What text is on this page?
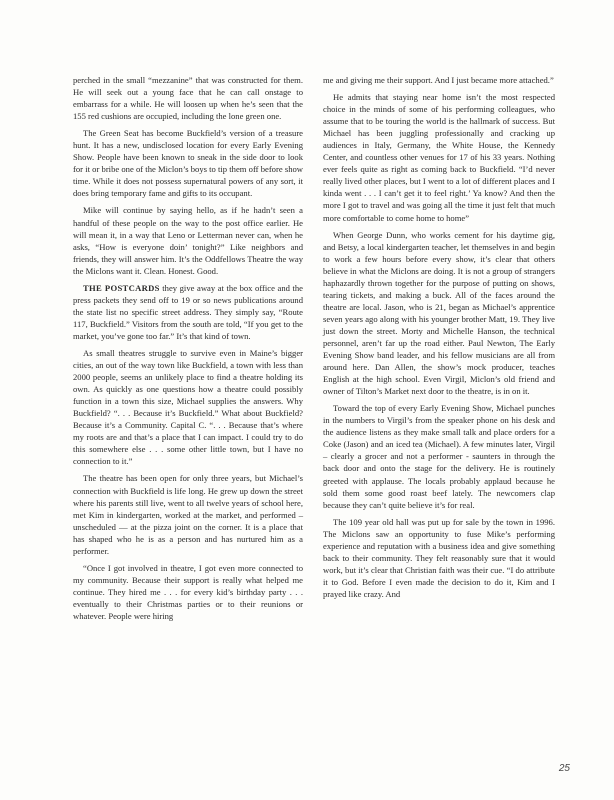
perched in the small “mezzanine” that was constructed for them. He will seek out a young face that he can call onstage to embarrass for a while. He will loosen up when he’s seen that the 155 red cushions are occupied, including the lone green one.

The Green Seat has become Buckfield’s version of a treasure hunt. It has a new, undisclosed location for every Early Evening Show. People have been known to sneak in the side door to look for it or bribe one of the Miclon’s boys to tip them off before show time. While it does not possess supernatural powers of any sort, it does bring temporary fame and gifts to its occupant.

Mike will continue by saying hello, as if he hadn’t seen a handful of these people on the way to the post office earlier. He will mean it, in a way that Leno or Letterman never can, when he asks, “How is everyone doin’ tonight?” Like neighbors and friends, they will answer him. It’s the Oddfellows Theatre the way the Miclons want it. Clean. Honest. Good.

THE POSTCARDS they give away at the box office and the press packets they send off to 19 or so news publications around the state list no specific street address. They simply say, “Route 117, Buckfield.” Visitors from the south are told, “If you get to the market, you’ve gone too far.” It’s that kind of town.

As small theatres struggle to survive even in Maine’s bigger cities, an out of the way town like Buckfield, a town with less than 2000 people, seems an unlikely place to find a theatre holding its own. As quickly as one questions how a theatre could possibly function in a town this size, Michael supplies the answers. Why Buckfield? “. . . Because it’s Buckfield.” What about Buckfield? Because it’s a Community. Capital C. “. . . Because that’s where my roots are and that’s a place that I can impact. I could try to do this somewhere else . . . some other little town, but I have no connection to it.”

The theatre has been open for only three years, but Michael’s connection with Buckfield is life long. He grew up down the street where his parents still live, went to all twelve years of school here, met Kim in kindergarten, worked at the market, and performed – unscheduled — at the pizza joint on the corner. It is a place that has shaped who he is as a person and has nurtured him as a performer.

“Once I got involved in theatre, I got even more connected to my community. Because their support is really what helped me continue. They hired me . . . for every kid’s birthday party . . . eventually to their Christmas parties or to their reunions or whatever. People were hiring

me and giving me their support. And I just became more attached.”

He admits that staying near home isn’t the most respected choice in the minds of some of his performing colleagues, who assume that to be touring the world is the hallmark of success. But Michael has been juggling professionally and cracking up audiences in Italy, Germany, the White House, the Kennedy Center, and countless other venues for 17 of his 33 years. Nothing ever feels quite as right as coming back to Buckfield. “I’d never really lived other places, but I went to a lot of different places and I kinda went . . . I can’t get it to feel right.’ Ya know? And then the more I got to travel and was going all the time it just felt that much more comfortable to come home to home”

When George Dunn, who works cement for his daytime gig, and Betsy, a local kindergarten teacher, let themselves in and begin to work a few hours before every show, it’s clear that others believe in what the Miclons are doing. It is not a group of strangers haphazardly thrown together for the purpose of putting on shows, tearing tickets, and making a buck. All of the faces around the theatre are local. Jason, who is 21, began as Michael’s apprentice seven years ago along with his younger brother Matt, 19. They live just down the street. Morty and Michelle Hanson, the technical personnel, aren’t far up the road either. Paul Newton, The Early Evening Show band leader, and his fellow musicians are all from around here. Dan Allen, the show’s mock producer, teaches English at the high school. Even Virgil, Miclon’s old friend and owner of Tilton’s Market next door to the theatre, is in on it.

Toward the top of every Early Evening Show, Michael punches in the numbers to Virgil’s from the speaker phone on his desk and the audience listens as they make small talk and place orders for a Coke (Jason) and an iced tea (Michael). A few minutes later, Virgil – clearly a grocer and not a performer - saunters in through the back door and onto the stage for the delivery. He is routinely greeted with applause. The locals probably applaud because he sold them some good roast beef lately. The newcomers clap because they can’t quite believe it’s for real.

The 109 year old hall was put up for sale by the town in 1996. The Miclons saw an opportunity to fuse Mike’s performing experience and reputation with a business idea and give something back to their community. They felt reasonably sure that it would work, but it’s clear that Christian faith was their cue. “I do attribute it to God. Before I even made the decision to do it, Kim and I prayed like crazy. And

25
